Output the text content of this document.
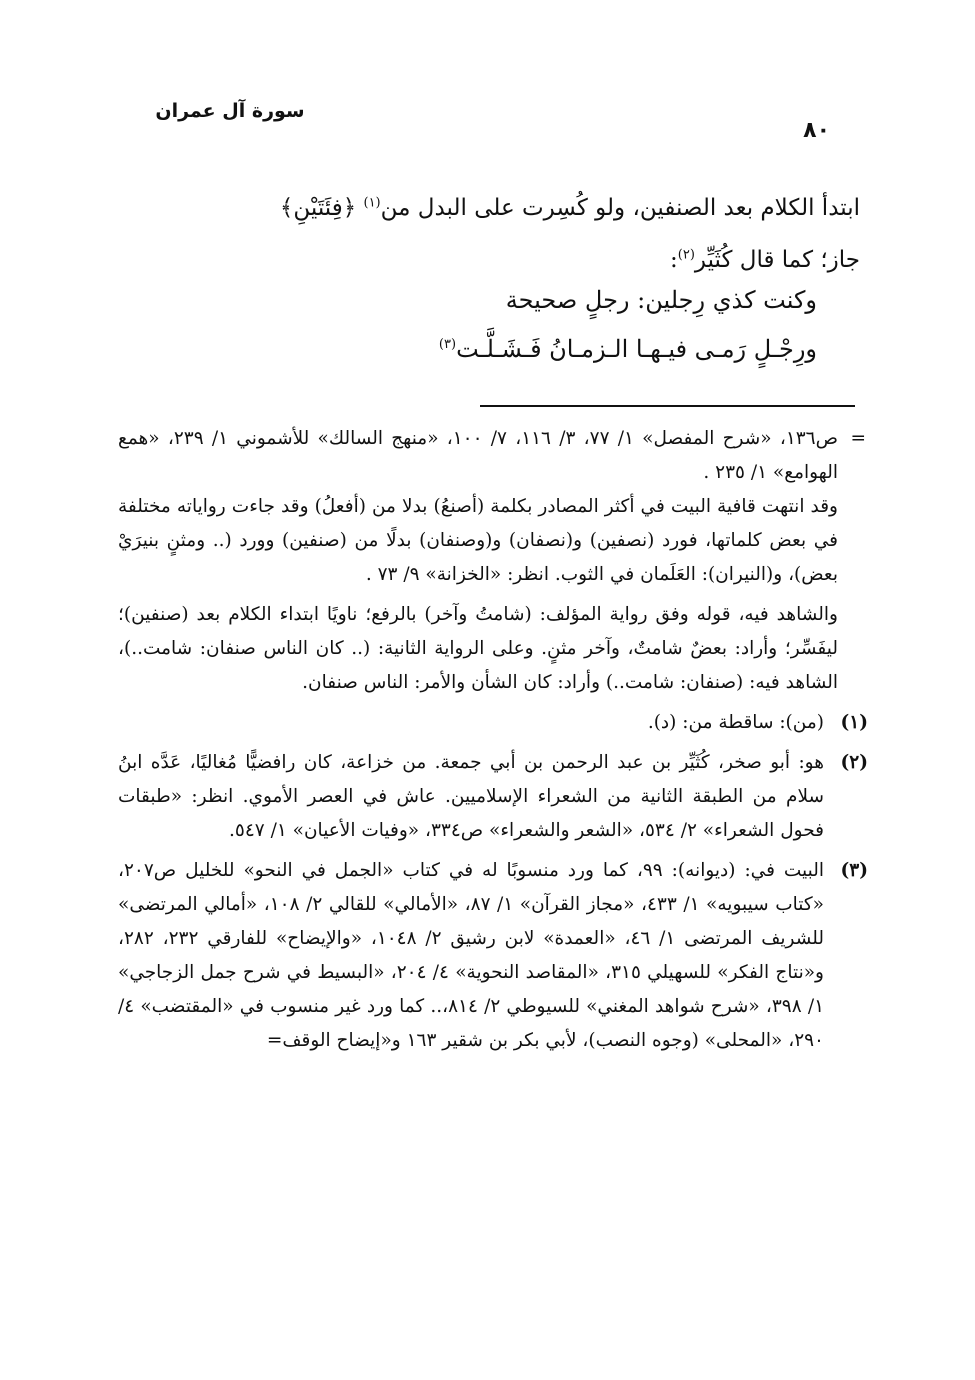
سورة آل عمران
٨٠

ابتدأ الكلام بعد الصنفين، ولو كُسِرت على البدل من$^{(١)}$ ﴿فِئَتَيْنِ﴾

جاز؛ كما قال كُثَيِّر$^{(٢)}$:

وكنت كذي رِجلين: رجلٍ صحيحة
ورِجْـلٍ رَمـى فيـهـا الـزمـانُ فَـشَـلَّـت$^{(٣)}$

=
ص١٣٦، «شرح المفصل» ١/ ٧٧، ٣/ ١١٦، ٧/ ١٠٠، «منهج السالك» للأشموني ١/ ٢٣٩، «همع الهوامع» ١/ ٢٣٥ .

وقد انتهت قافية البيت في أكثر المصادر بكلمة (أصنعُ) بدلا من (أفعلُ) وقد جاءت رواياته مختلفة في بعض كلماتها، فورد (نصفين) و(نصفان) و(وصنفان) بدلًا من (صنفين) وورد (.. ومثنٍ بنيرَيْ بعض)، و(النيران): العَلَمان في الثوب. انظر: «الخزانة» ٩/ ٧٣ .

والشاهد فيه، قوله وفق رواية المؤلف: (شامتُ وآخر) بالرفع؛ ناويًا ابتداء الكلام بعد (صنفين)؛ ليفَسِّر؛ وأراد: بعضٌ شامتٌ، وآخر مثنٍ. وعلى الرواية الثانية: (.. كان الناس صنفان: شامت..)، الشاهد فيه: (صنفان: شامت..) وأراد: كان الشأن والأمر: الناس صنفان.

(١)
(من): ساقطة من: (د).

(٢)
هو: أبو صخر، كُثَيِّر بن عبد الرحمن بن أبي جمعة. من خزاعة، كان رافضيًّا مُغاليًا، عَدَّه ابنُ سلام من الطبقة الثانية من الشعراء الإسلاميين. عاش في العصر الأموي. انظر: «طبقات فحول الشعراء» ٢/ ٥٣٤، «الشعر والشعراء» ص٣٣٤، «وفيات الأعيان» ١/ ٥٤٧.

(٣)
البيت في: (ديوانه): ٩٩، كما ورد منسوبًا له في كتاب «الجمل في النحو» للخليل ص٢٠٧، «كتاب سيبويه» ١/ ٤٣٣، «مجاز القرآن» ١/ ٨٧، «الأمالي» للقالي ٢/ ١٠٨، «أمالي المرتضى» للشريف المرتضى ١/ ٤٦، «العمدة» لابن رشيق ٢/ ١٠٤٨، «والإيضاح» للفارقي ٢٣٢، ٢٨٢، و«نتاج الفكر» للسهيلي ٣١٥، «المقاصد النحوية» ٤/ ٢٠٤، «البسيط في شرح جمل الزجاجي» ١/ ٣٩٨، «شرح شواهد المغني» للسيوطي ٢/ ٨١٤،.. كما ورد غير منسوب في «المقتضب» ٤/ ٢٩٠، «المحلى» (وجوه النصب)، لأبي بكر بن شقير ١٦٣ و«إيضاح الوقف=
